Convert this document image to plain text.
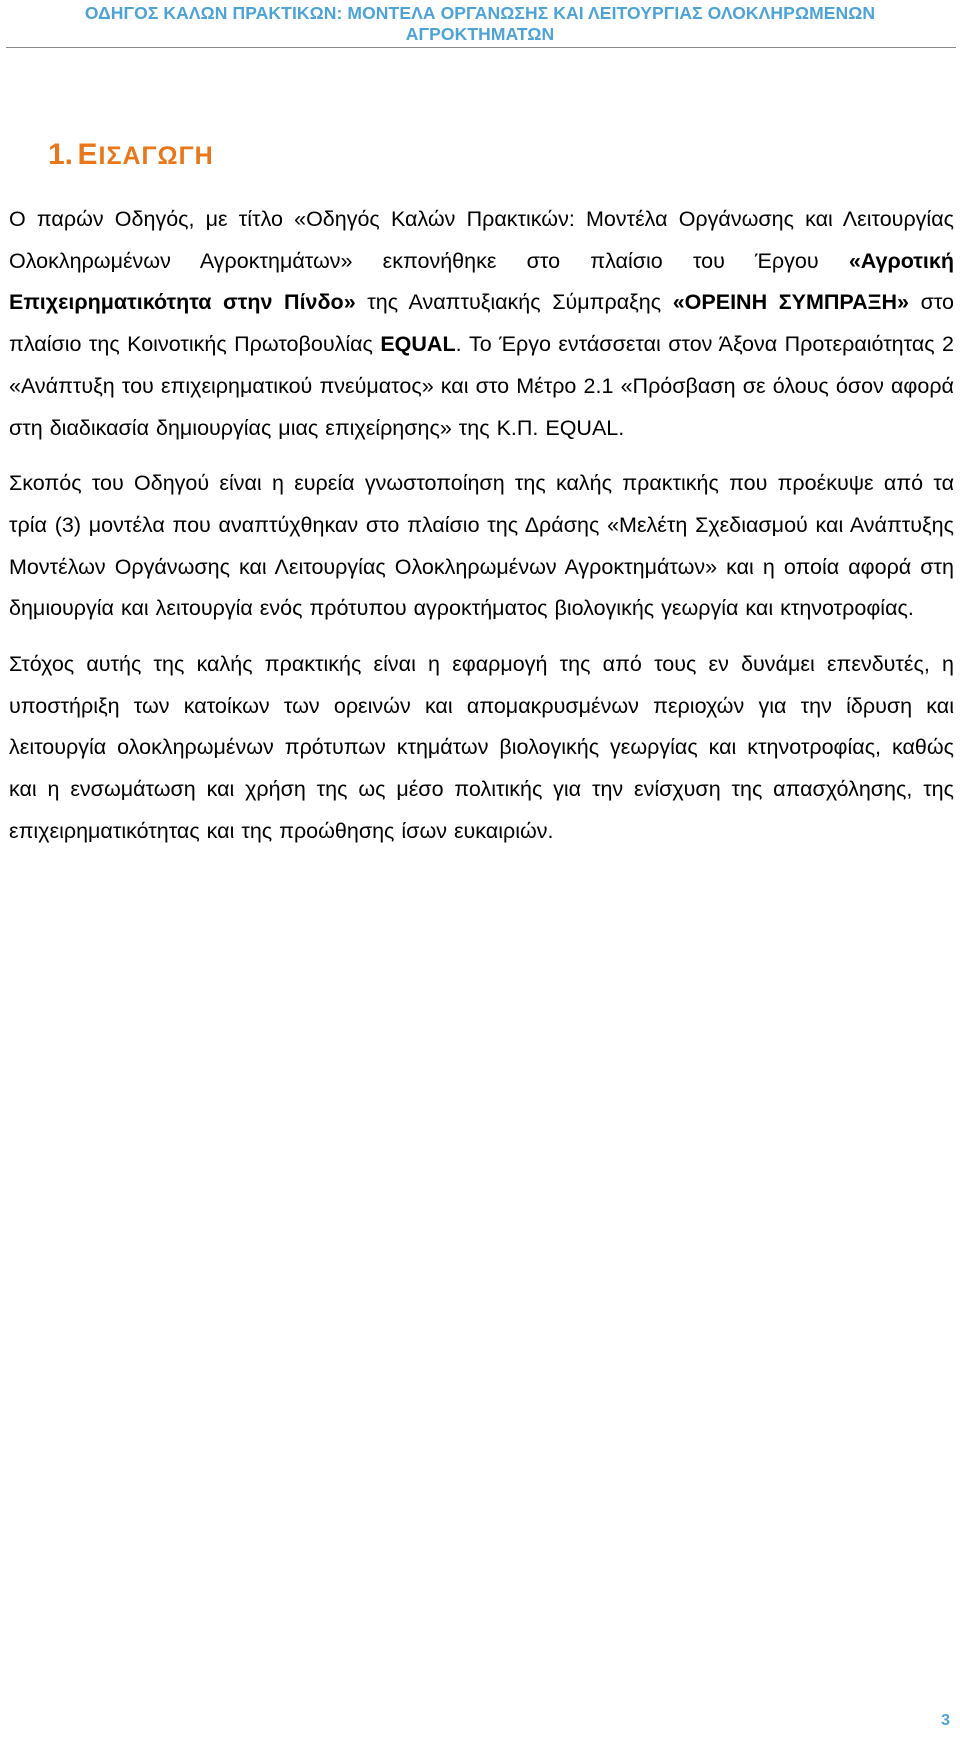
ΟΔΗΓΟΣ ΚΑΛΩΝ ΠΡΑΚΤΙΚΩΝ: ΜΟΝΤΕΛΑ ΟΡΓΑΝΩΣΗΣ ΚΑΙ ΛΕΙΤΟΥΡΓΙΑΣ ΟΛΟΚΛΗΡΩΜΕΝΩΝ
ΑΓΡΟΚΤΗΜΑΤΩΝ
1. ΕΙΣΑΓΩΓΗ

Ο παρών Οδηγός, με τίτλο «Οδηγός Καλών Πρακτικών: Μοντέλα Οργάνωσης και Λειτουργίας Ολοκληρωμένων Αγροκτημάτων» εκπονήθηκε στο πλαίσιο του Έργου «Αγροτική Επιχειρηματικότητα στην Πίνδο» της Αναπτυξιακής Σύμπραξης «ΟΡΕΙΝΗ ΣΥΜΠΡΑΞΗ» στο πλαίσιο της Κοινοτικής Πρωτοβουλίας EQUAL. Το Έργο εντάσσεται στον Άξονα Προτεραιότητας 2 «Ανάπτυξη του επιχειρηματικού πνεύματος» και στο Μέτρο 2.1 «Πρόσβαση σε όλους όσον αφορά στη διαδικασία δημιουργίας μιας επιχείρησης» της Κ.Π. EQUAL.

Σκοπός του Οδηγού είναι η ευρεία γνωστοποίηση της καλής πρακτικής που προέκυψε από τα τρία (3) μοντέλα που αναπτύχθηκαν στο πλαίσιο της Δράσης «Μελέτη Σχεδιασμού και Ανάπτυξης Μοντέλων Οργάνωσης και Λειτουργίας Ολοκληρωμένων Αγροκτημάτων» και η οποία αφορά στη δημιουργία και λειτουργία ενός πρότυπου αγροκτήματος βιολογικής γεωργία και κτηνοτροφίας.

Στόχος αυτής της καλής πρακτικής είναι η εφαρμογή της από τους εν δυνάμει επενδυτές, η υποστήριξη των κατοίκων των ορεινών και απομακρυσμένων περιοχών για την ίδρυση και λειτουργία ολοκληρωμένων πρότυπων κτημάτων βιολογικής γεωργίας και κτηνοτροφίας, καθώς και η ενσωμάτωση και χρήση της ως μέσο πολιτικής για την ενίσχυση της απασχόλησης, της επιχειρηματικότητας και της προώθησης ίσων ευκαιριών.

3
